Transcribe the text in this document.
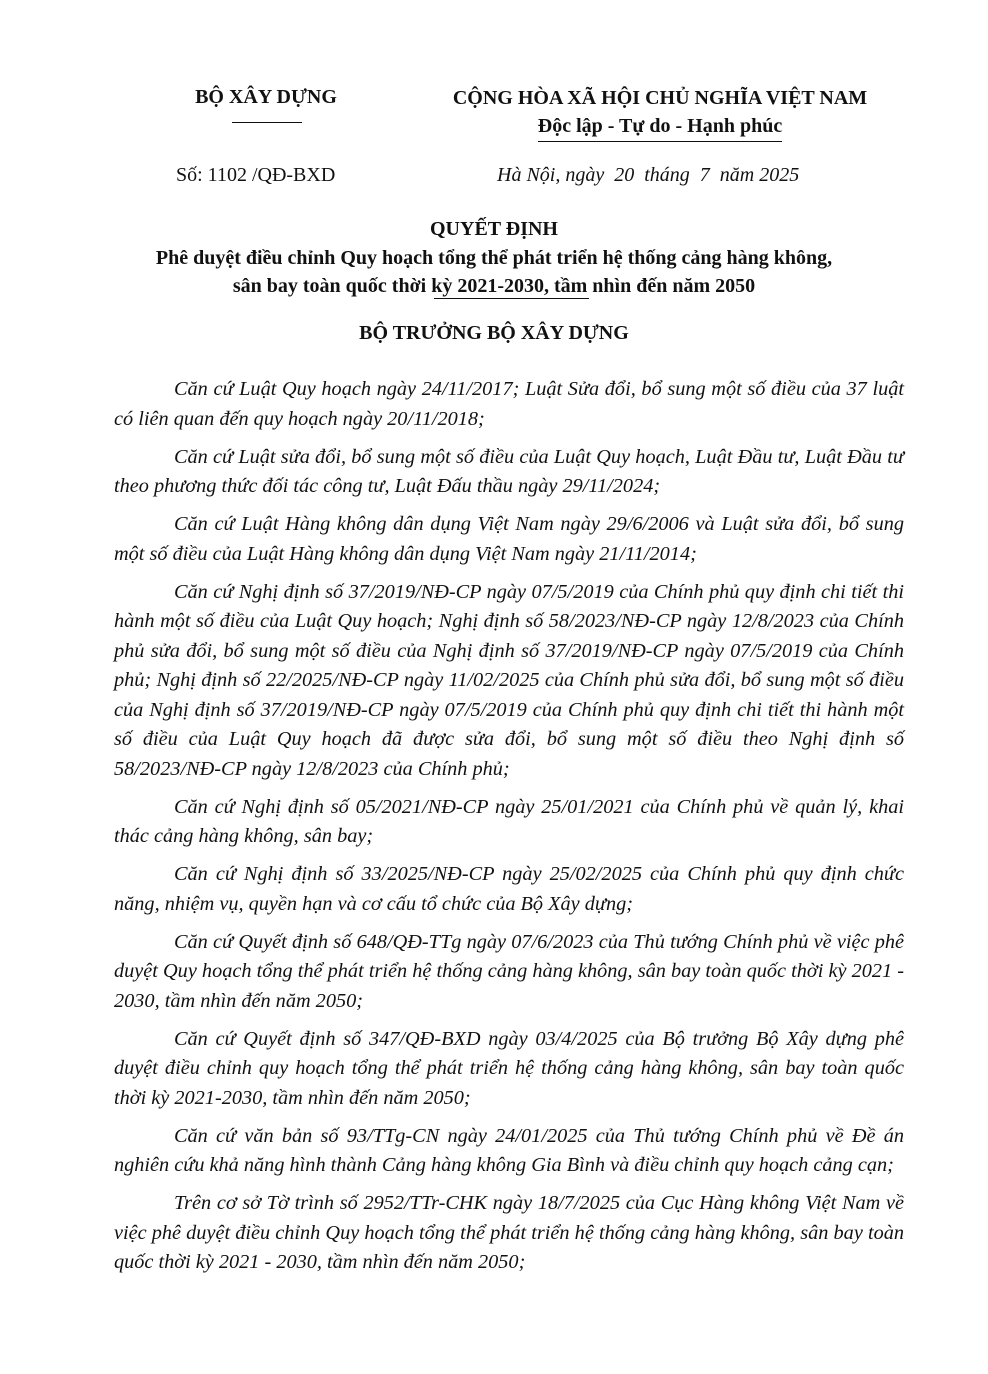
BỘ XÂY DỰNG	CỘNG HÒA XÃ HỘI CHỦ NGHĨA VIỆT NAM
Độc lập - Tự do - Hạnh phúc
Số: 1102 /QĐ-BXD	Hà Nội, ngày  20  tháng  7  năm 2025
QUYẾT ĐỊNH
Phê duyệt điều chỉnh Quy hoạch tổng thể phát triển hệ thống cảng hàng không,
sân bay toàn quốc thời kỳ 2021-2030, tầm nhìn đến năm 2050
BỘ TRƯỞNG BỘ XÂY DỰNG

Căn cứ Luật Quy hoạch ngày 24/11/2017; Luật Sửa đổi, bổ sung một số điều của 37 luật có liên quan đến quy hoạch ngày 20/11/2018;

Căn cứ Luật sửa đổi, bổ sung một số điều của Luật Quy hoạch, Luật Đầu tư, Luật Đầu tư theo phương thức đối tác công tư, Luật Đấu thầu ngày 29/11/2024;

Căn cứ Luật Hàng không dân dụng Việt Nam ngày 29/6/2006 và Luật sửa đổi, bổ sung một số điều của Luật Hàng không dân dụng Việt Nam ngày 21/11/2014;

Căn cứ Nghị định số 37/2019/NĐ-CP ngày 07/5/2019 của Chính phủ quy định chi tiết thi hành một số điều của Luật Quy hoạch; Nghị định số 58/2023/NĐ-CP ngày 12/8/2023 của Chính phủ sửa đổi, bổ sung một số điều của Nghị định số 37/2019/NĐ-CP ngày 07/5/2019 của Chính phủ; Nghị định số 22/2025/NĐ-CP ngày 11/02/2025 của Chính phủ sửa đổi, bổ sung một số điều của Nghị định số 37/2019/NĐ-CP ngày 07/5/2019 của Chính phủ quy định chi tiết thi hành một số điều của Luật Quy hoạch đã được sửa đổi, bổ sung một số điều theo Nghị định số 58/2023/NĐ-CP ngày 12/8/2023 của Chính phủ;

Căn cứ Nghị định số 05/2021/NĐ-CP ngày 25/01/2021 của Chính phủ về quản lý, khai thác cảng hàng không, sân bay;

Căn cứ Nghị định số 33/2025/NĐ-CP ngày 25/02/2025 của Chính phủ quy định chức năng, nhiệm vụ, quyền hạn và cơ cấu tổ chức của Bộ Xây dựng;

Căn cứ Quyết định số 648/QĐ-TTg ngày 07/6/2023 của Thủ tướng Chính phủ về việc phê duyệt Quy hoạch tổng thể phát triển hệ thống cảng hàng không, sân bay toàn quốc thời kỳ 2021 - 2030, tầm nhìn đến năm 2050;

Căn cứ Quyết định số 347/QĐ-BXD ngày 03/4/2025 của Bộ trưởng Bộ Xây dựng phê duyệt điều chỉnh quy hoạch tổng thể phát triển hệ thống cảng hàng không, sân bay toàn quốc thời kỳ 2021-2030, tầm nhìn đến năm 2050;

Căn cứ văn bản số 93/TTg-CN ngày 24/01/2025 của Thủ tướng Chính phủ về Đề án nghiên cứu khả năng hình thành Cảng hàng không Gia Bình và điều chỉnh quy hoạch cảng cạn;

Trên cơ sở Tờ trình số 2952/TTr-CHK ngày 18/7/2025 của Cục Hàng không Việt Nam về việc phê duyệt điều chỉnh Quy hoạch tổng thể phát triển hệ thống cảng hàng không, sân bay toàn quốc thời kỳ 2021 - 2030, tầm nhìn đến năm 2050;
